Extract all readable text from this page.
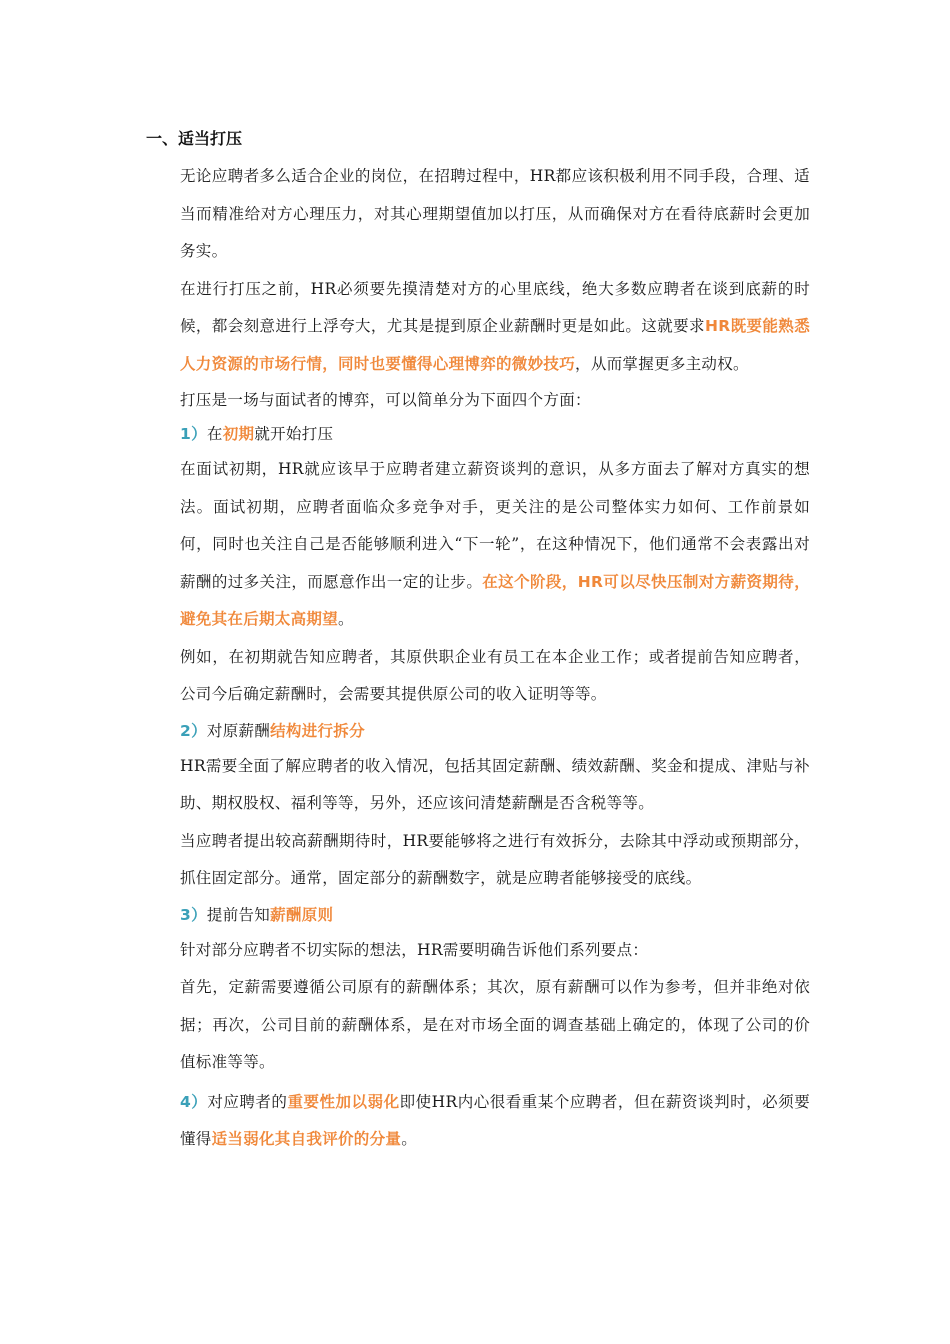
一、适当打压

无论应聘者多么适合企业的岗位，在招聘过程中，HR都应该积极利用不同手段，合理、适当而精准给对方心理压力，对其心理期望值加以打压，从而确保对方在看待底薪时会更加务实。

在进行打压之前，HR必须要先摸清楚对方的心里底线，绝大多数应聘者在谈到底薪的时候，都会刻意进行上浮夸大，尤其是提到原企业薪酬时更是如此。这就要求HR既要能熟悉人力资源的市场行情，同时也要懂得心理博弈的微妙技巧，从而掌握更多主动权。

打压是一场与面试者的博弈，可以简单分为下面四个方面：

1）在初期就开始打压

在面试初期，HR就应该早于应聘者建立薪资谈判的意识，从多方面去了解对方真实的想法。面试初期，应聘者面临众多竞争对手，更关注的是公司整体实力如何、工作前景如何，同时也关注自己是否能够顺利进入“下一轮”，在这种情况下，他们通常不会表露出对薪酬的过多关注，而愿意作出一定的让步。在这个阶段，HR可以尽快压制对方薪资期待，避免其在后期太高期望。

例如，在初期就告知应聘者，其原供职企业有员工在本企业工作；或者提前告知应聘者，公司今后确定薪酬时，会需要其提供原公司的收入证明等等。

2）对原薪酬结构进行拆分

HR需要全面了解应聘者的收入情况，包括其固定薪酬、绩效薪酬、奖金和提成、津贴与补助、期权股权、福利等等，另外，还应该问清楚薪酬是否含税等等。

当应聘者提出较高薪酬期待时，HR要能够将之进行有效拆分，去除其中浮动或预期部分，抓住固定部分。通常，固定部分的薪酬数字，就是应聘者能够接受的底线。

3）提前告知薪酬原则

针对部分应聘者不切实际的想法，HR需要明确告诉他们系列要点：

首先，定薪需要遵循公司原有的薪酬体系；其次，原有薪酬可以作为参考，但并非绝对依据；再次，公司目前的薪酬体系，是在对市场全面的调查基础上确定的，体现了公司的价值标准等等。

4）对应聘者的重要性加以弱化即使HR内心很看重某个应聘者，但在薪资谈判时，必须要懂得适当弱化其自我评价的分量。
